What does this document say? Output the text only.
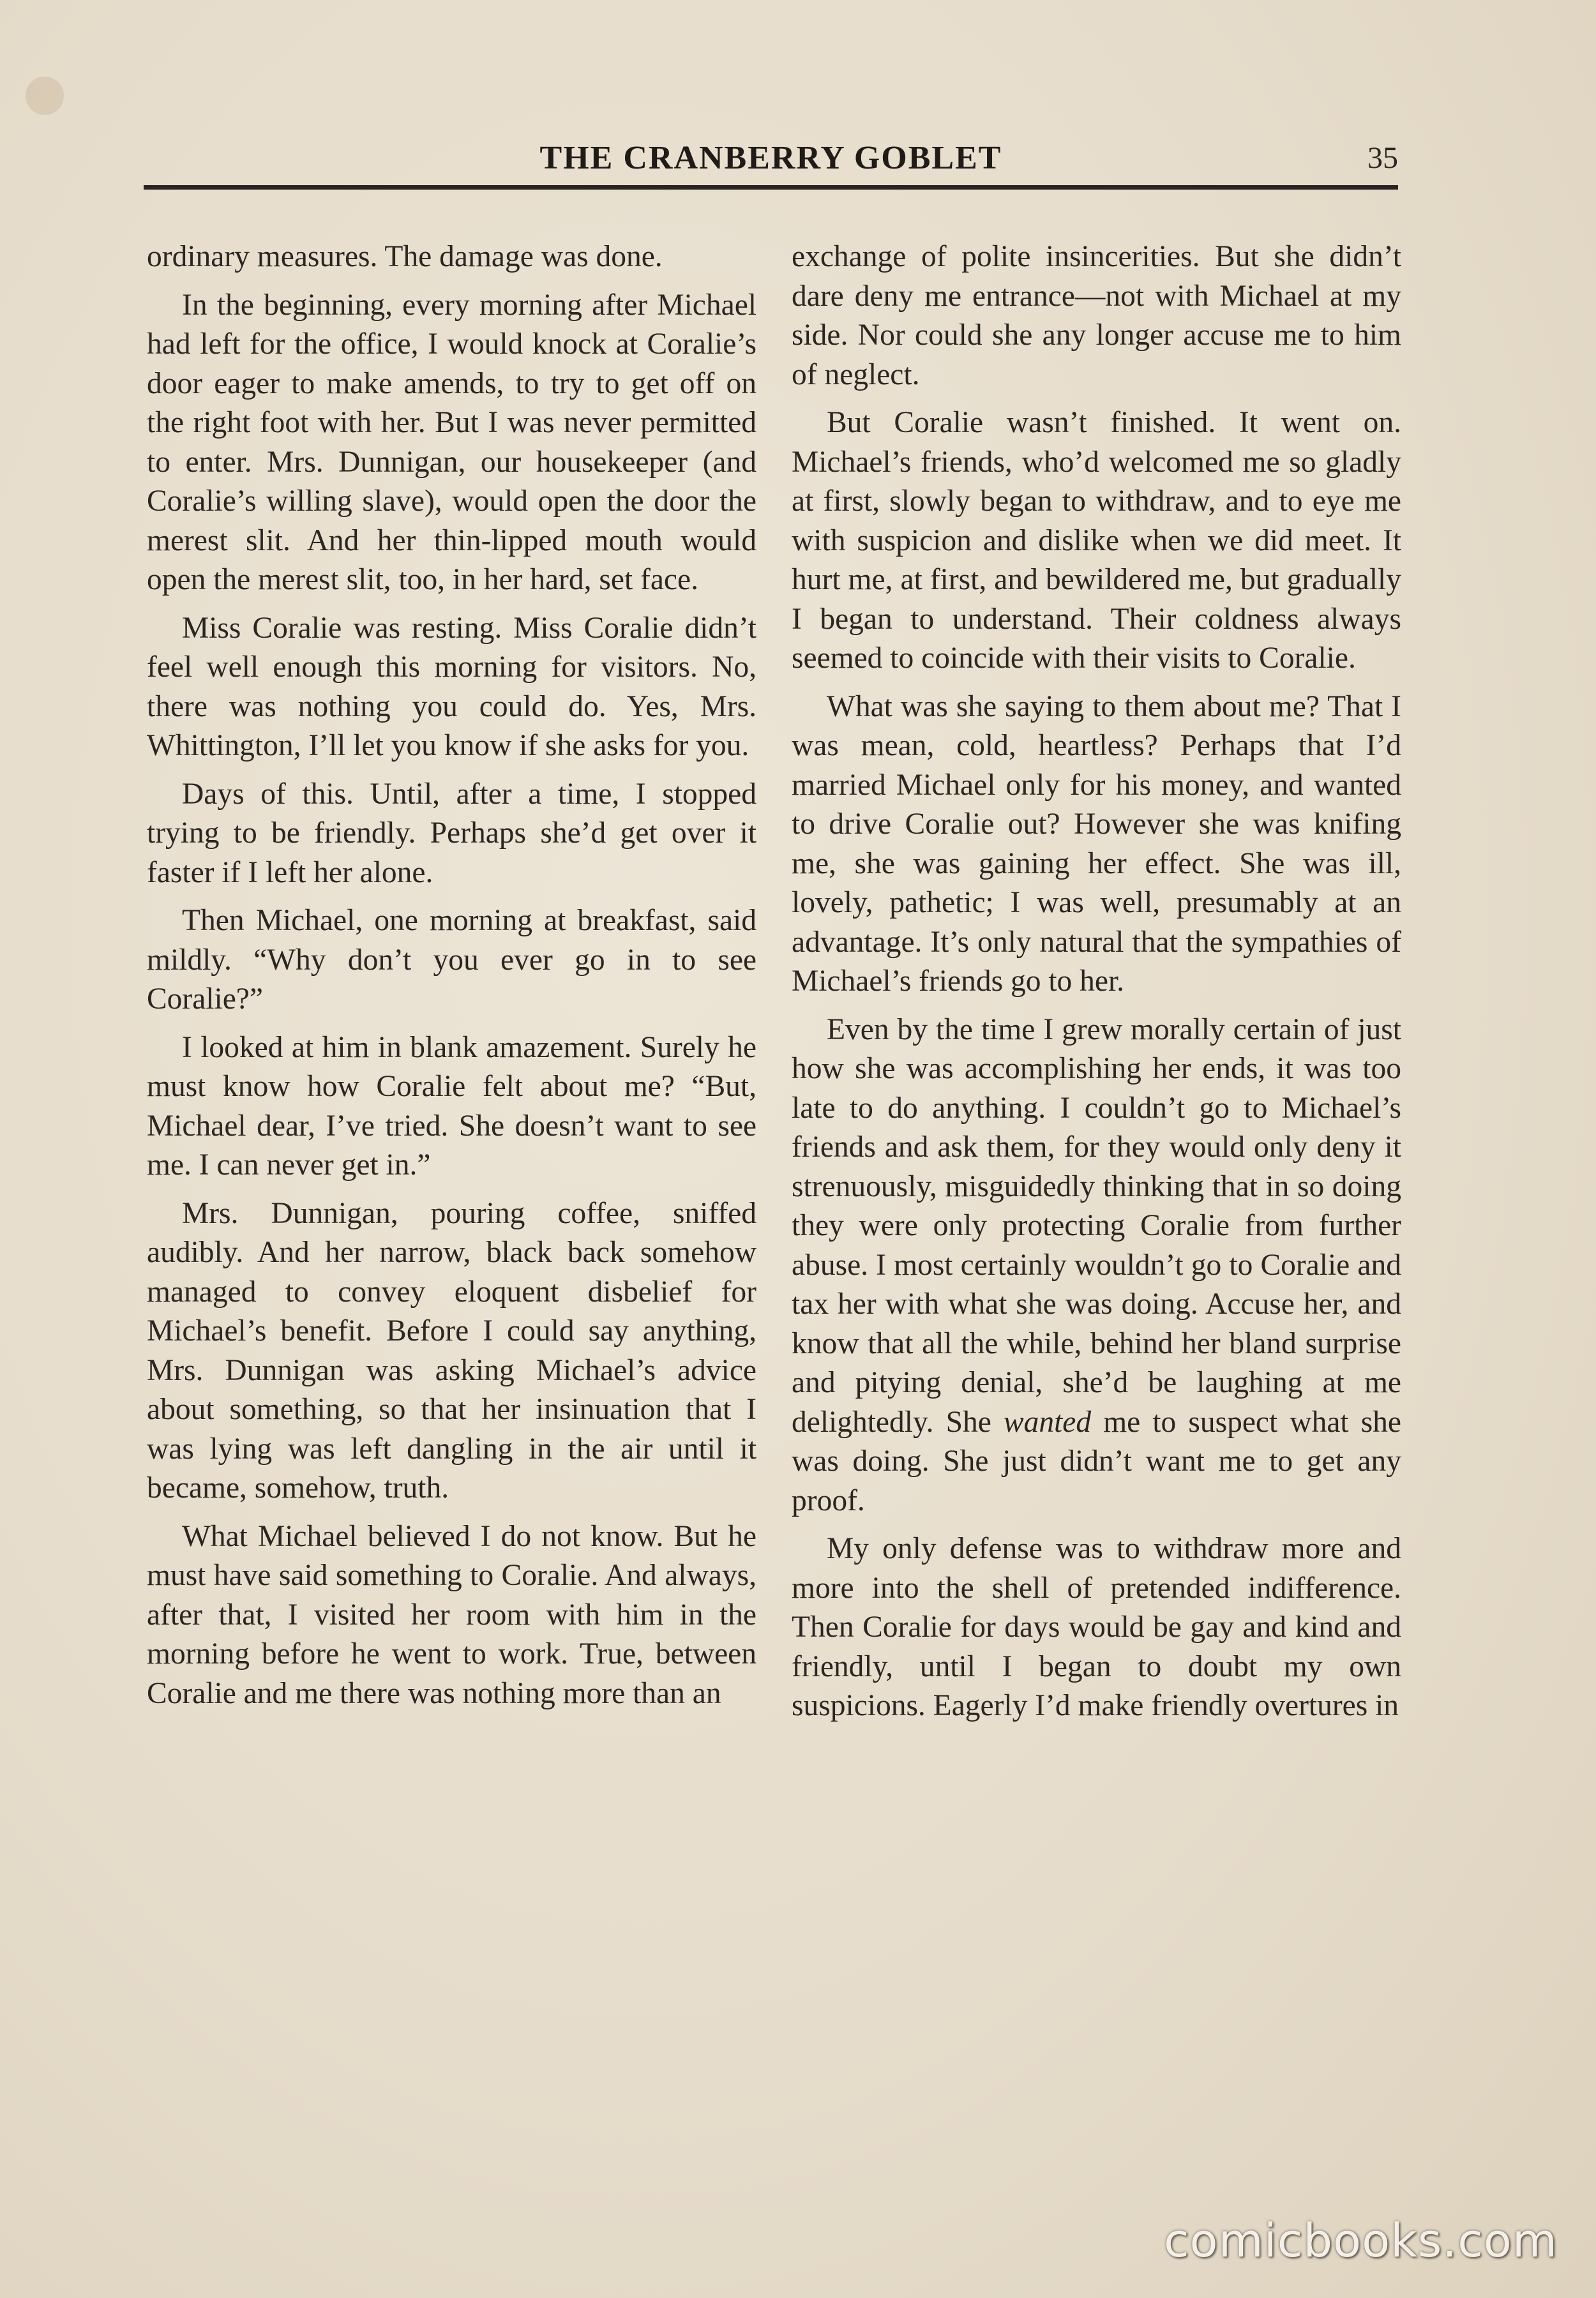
THE CRANBERRY GOBLET	35

ordinary measures. The damage was done.

In the beginning, every morning after Michael had left for the office, I would knock at Coralie’s door eager to make amends, to try to get off on the right foot with her. But I was never permitted to enter. Mrs. Dunnigan, our housekeeper (and Coralie’s willing slave), would open the door the merest slit. And her thin-lipped mouth would open the merest slit, too, in her hard, set face.

Miss Coralie was resting. Miss Coralie didn’t feel well enough this morning for visitors. No, there was nothing you could do. Yes, Mrs. Whittington, I’ll let you know if she asks for you.

Days of this. Until, after a time, I stopped trying to be friendly. Perhaps she’d get over it faster if I left her alone.

Then Michael, one morning at breakfast, said mildly. “Why don’t you ever go in to see Coralie?”

I looked at him in blank amazement. Surely he must know how Coralie felt about me? “But, Michael dear, I’ve tried. She doesn’t want to see me. I can never get in.”

Mrs. Dunnigan, pouring coffee, sniffed audibly. And her narrow, black back somehow managed to convey eloquent disbelief for Michael’s benefit. Before I could say anything, Mrs. Dunnigan was asking Michael’s advice about something, so that her insinuation that I was lying was left dangling in the air until it became, somehow, truth.

What Michael believed I do not know. But he must have said something to Coralie. And always, after that, I visited her room with him in the morning before he went to work. True, between Coralie and me there was nothing more than an

exchange of polite insincerities. But she didn’t dare deny me entrance—not with Michael at my side. Nor could she any longer accuse me to him of neglect.

But Coralie wasn’t finished. It went on. Michael’s friends, who’d welcomed me so gladly at first, slowly began to withdraw, and to eye me with suspicion and dislike when we did meet. It hurt me, at first, and bewildered me, but gradually I began to understand. Their coldness always seemed to coincide with their visits to Coralie.

What was she saying to them about me? That I was mean, cold, heartless? Perhaps that I’d married Michael only for his money, and wanted to drive Coralie out? However she was knifing me, she was gaining her effect. She was ill, lovely, pathetic; I was well, presumably at an advantage. It’s only natural that the sympathies of Michael’s friends go to her.

Even by the time I grew morally certain of just how she was accomplishing her ends, it was too late to do anything. I couldn’t go to Michael’s friends and ask them, for they would only deny it strenuously, misguidedly thinking that in so doing they were only protecting Coralie from further abuse. I most certainly wouldn’t go to Coralie and tax her with what she was doing. Accuse her, and know that all the while, behind her bland surprise and pitying denial, she’d be laughing at me delightedly. She wanted me to suspect what she was doing. She just didn’t want me to get any proof.

My only defense was to withdraw more and more into the shell of pretended indifference. Then Coralie for days would be gay and kind and friendly, until I began to doubt my own suspicions. Eagerly I’d make friendly overtures in

comicbooks.com
